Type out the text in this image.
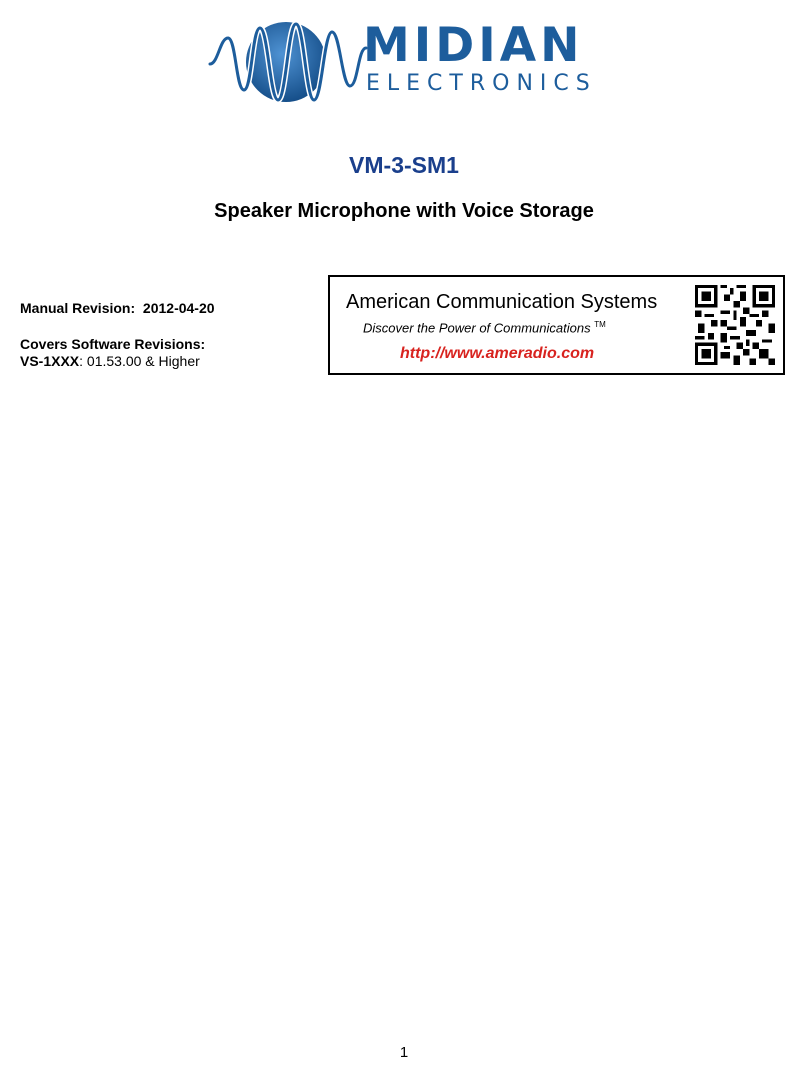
MIDIAN
ELECTRONICS
VM-3-SM1
Speaker Microphone with Voice Storage
Manual Revision: 2012-04-20
Covers Software Revisions:
VS-1XXX: 01.53.00 & Higher
American Communication Systems
Discover the Power of Communications ™
http://www.ameradio.com
1
